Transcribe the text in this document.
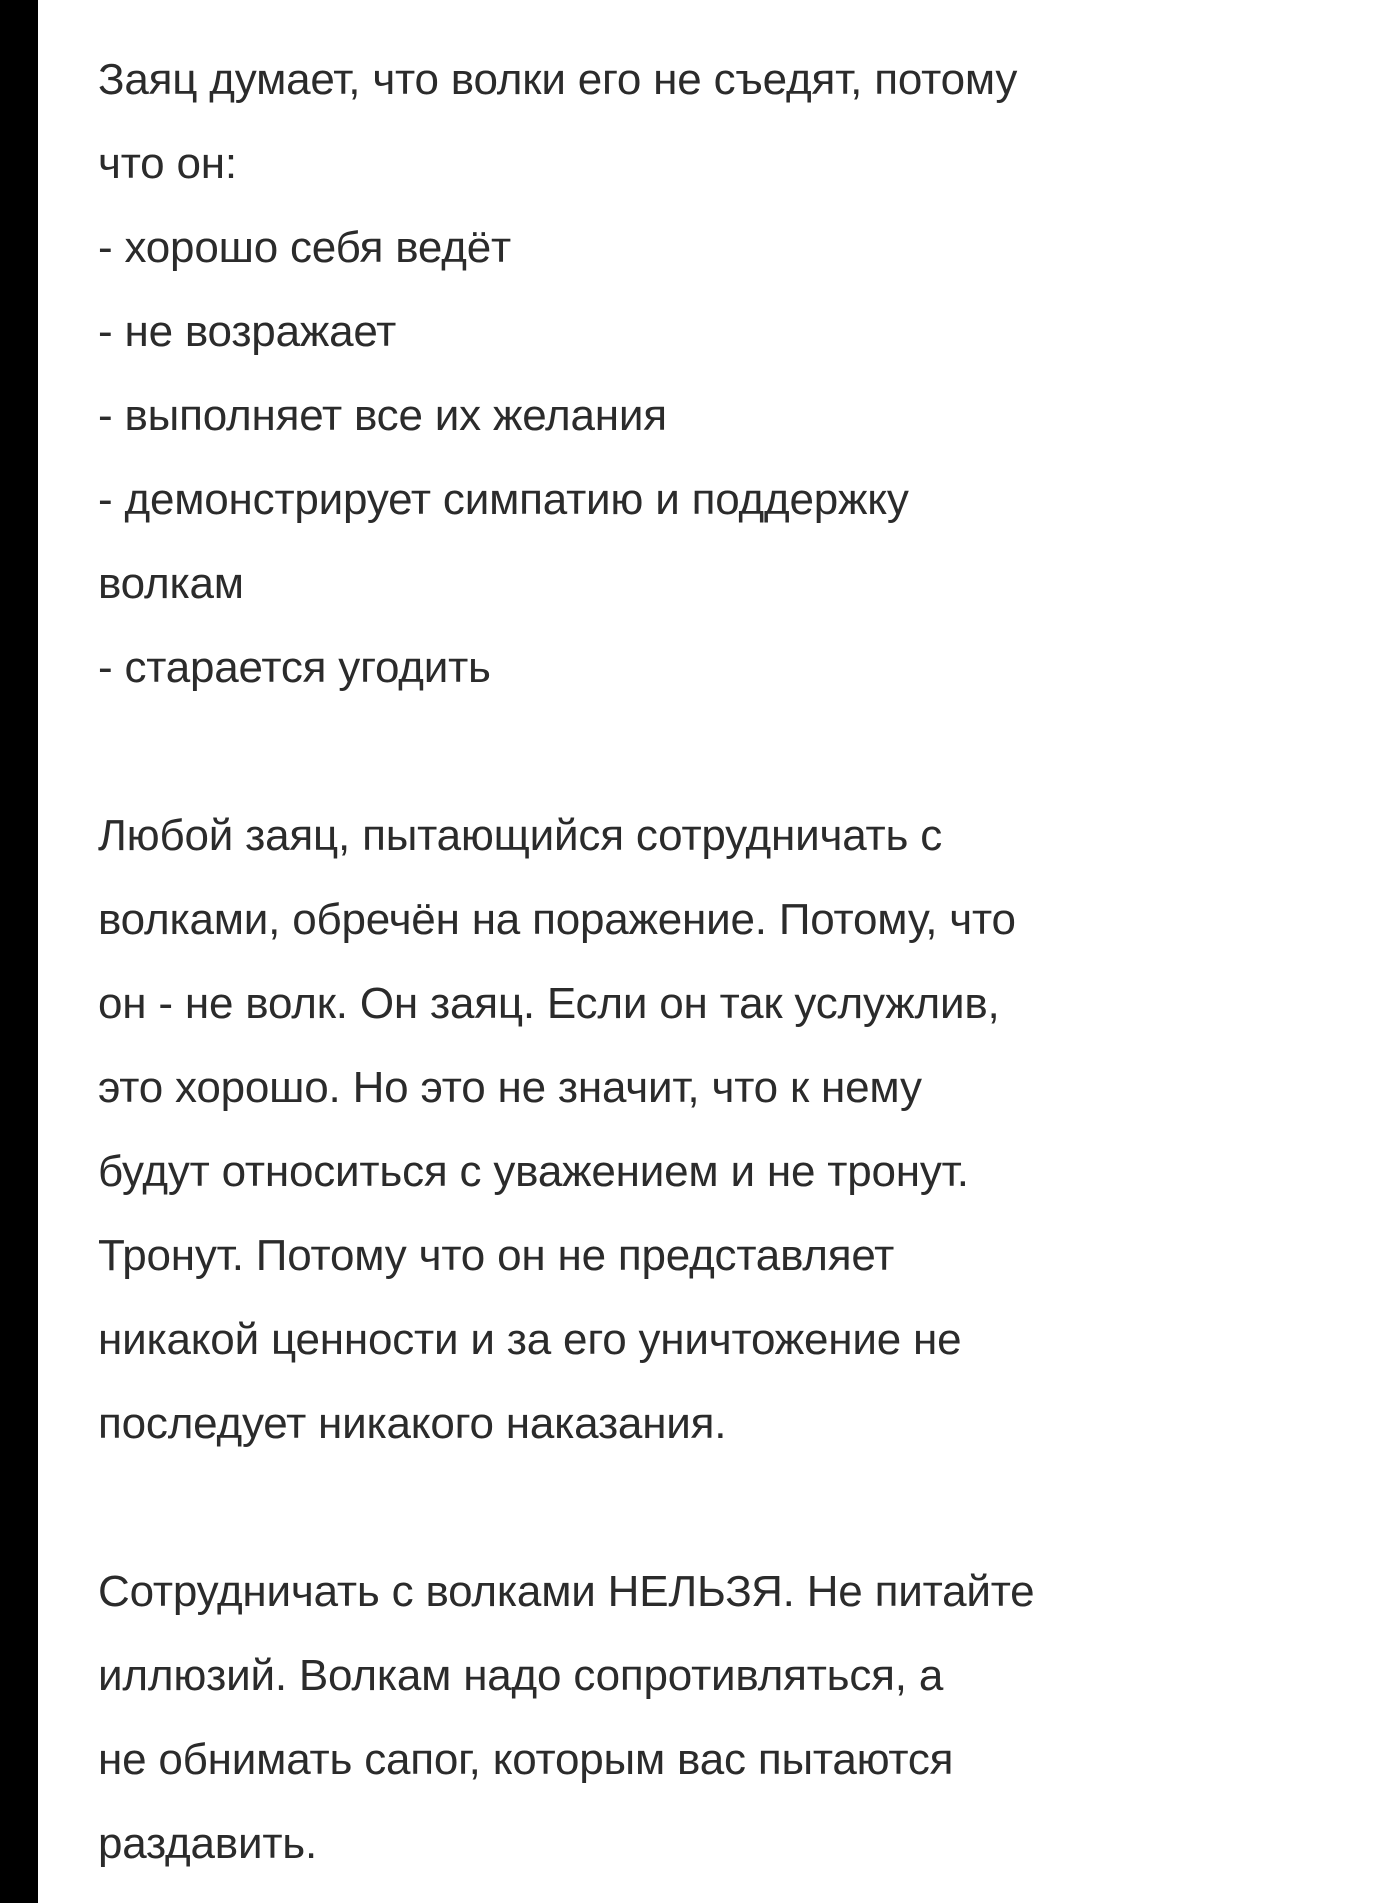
Заяц думает, что волки его не съедят, потому
что он:
- хорошо себя ведёт
- не возражает
- выполняет все их желания
- демонстрирует симпатию и поддержку
волкам
- старается угодить
Любой заяц, пытающийся сотрудничать с
волками, обречён на поражение. Потому, что
он - не волк. Он заяц. Если он так услужлив,
это хорошо. Но это не значит, что к нему
будут относиться с уважением и не тронут.
Тронут. Потому что он не представляет
никакой ценности и за его уничтожение не
последует никакого наказания.
Сотрудничать с волками НЕЛЬЗЯ. Не питайте
иллюзий. Волкам надо сопротивляться, а
не обнимать сапог, которым вас пытаются
раздавить.
